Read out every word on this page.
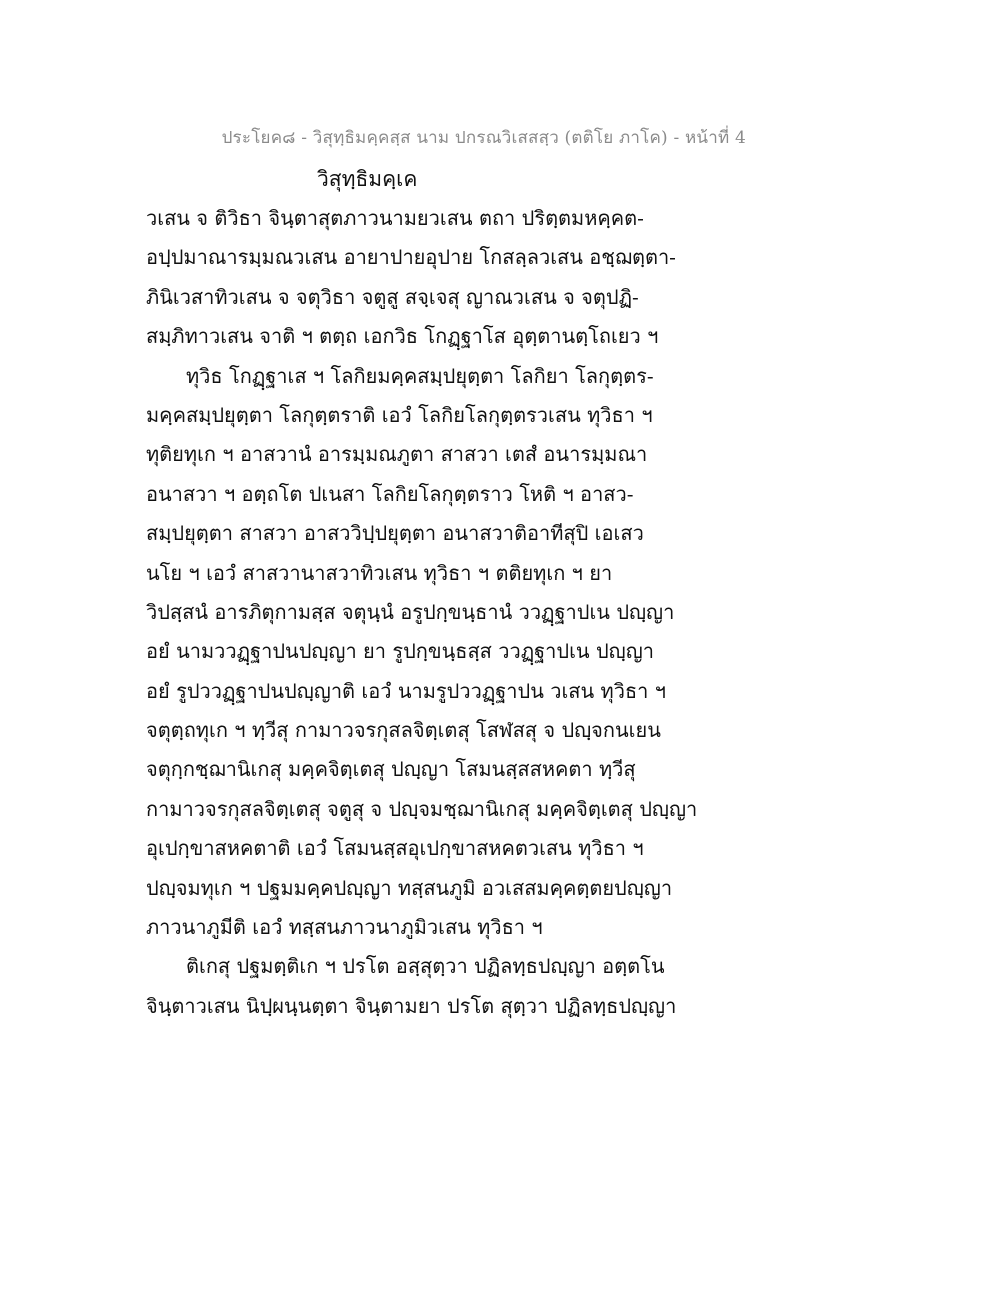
ประโยค๘ - วิสุทฺธิมคฺคสฺส นาม ปกรณวิเสสสฺว (ตติโย ภาโค) - หน้าที่ 4
วิสุทฺธิมคฺเค
วเสน จ ติวิธา จินฺตาสุตภาวนามยวเสน ตถา ปริตฺตมหคฺคต-
อปฺปมาณารมฺมณวเสน อายาปายอุปาย โกสลฺลวเสน อชฺฌตฺตา-
ภินิเวสาทิวเสน จ จตุวิธา จตูสู สจฺเจสุ ญาณวเสน จ จตุปฏิ-
สมฺภิทาวเสน จาติ ฯ ตตฺถ เอกวิธ โกฏฺฐาโส อุตฺตานตฺโถเยว ฯ
ทุวิธ โกฏฺฐาเส ฯ โลกิยมคฺคสมฺปยุตฺตา โลกิยา โลกุตฺตร-
มคฺคสมฺปยุตฺตา โลกุตฺตราติ เอวํ โลกิยโลกุตฺตรวเสน ทุวิธา ฯ
ทุติยทุเก ฯ อาสวานํ อารมฺมณภูตา สาสวา เตสํ อนารมฺมณา
อนาสวา ฯ อตฺถโต ปเนสา โลกิยโลกุตฺตราว โหติ ฯ อาสว-
สมฺปยุตฺตา สาสวา อาสววิปฺปยุตฺตา อนาสวาติอาทีสุปิ เอเสว
นโย ฯ เอวํ สาสวานาสวาทิวเสน ทุวิธา ฯ ตติยทุเก ฯ ยา
วิปสฺสนํ อารภิตุกามสฺส จตุนฺนํ อรูปกฺขนฺธานํ ววฏฺฐาปเน ปญฺญา
อยํ นามววฏฺฐาปนปญฺญา ยา รูปกฺขนฺธสฺส ววฏฺฐาปเน ปญฺญา
อยํ รูปววฏฺฐาปนปญฺญาติ เอวํ นามรูปววฏฺฐาปน วเสน ทุวิธา ฯ
จตุตฺถทุเก ฯ ทฺวีสุ กามาวจรกุสลจิตฺเตสุ โสฬสสุ จ ปญฺจกนเยน
จตุกฺกชฺฌานิเกสุ มคฺคจิตฺเตสุ ปญฺญา โสมนสฺสสหคตา ทฺวีสุ
กามาวจรกุสลจิตฺเตสุ จตูสุ จ ปญฺจมชฺฌานิเกสุ มคฺคจิตฺเตสุ ปญฺญา
อุเปกฺขาสหคตาติ เอวํ โสมนสฺสอุเปกฺขาสหคตวเสน ทุวิธา ฯ
ปญฺจมทุเก ฯ ปฐมมคฺคปญฺญา ทสฺสนภูมิ อวเสสมคฺคตฺตยปญฺญา
ภาวนาภูมีติ เอวํ ทสฺสนภาวนาภูมิวเสน ทุวิธา ฯ
ติเกสุ ปฐมตฺติเก ฯ ปรโต อสฺสุตฺวา ปฏิลทฺธปญฺญา อตฺตโน
จินฺตาวเสน นิปฺผนฺนตฺตา จินฺตามยา ปรโต สุตฺวา ปฏิลทฺธปญฺญา
